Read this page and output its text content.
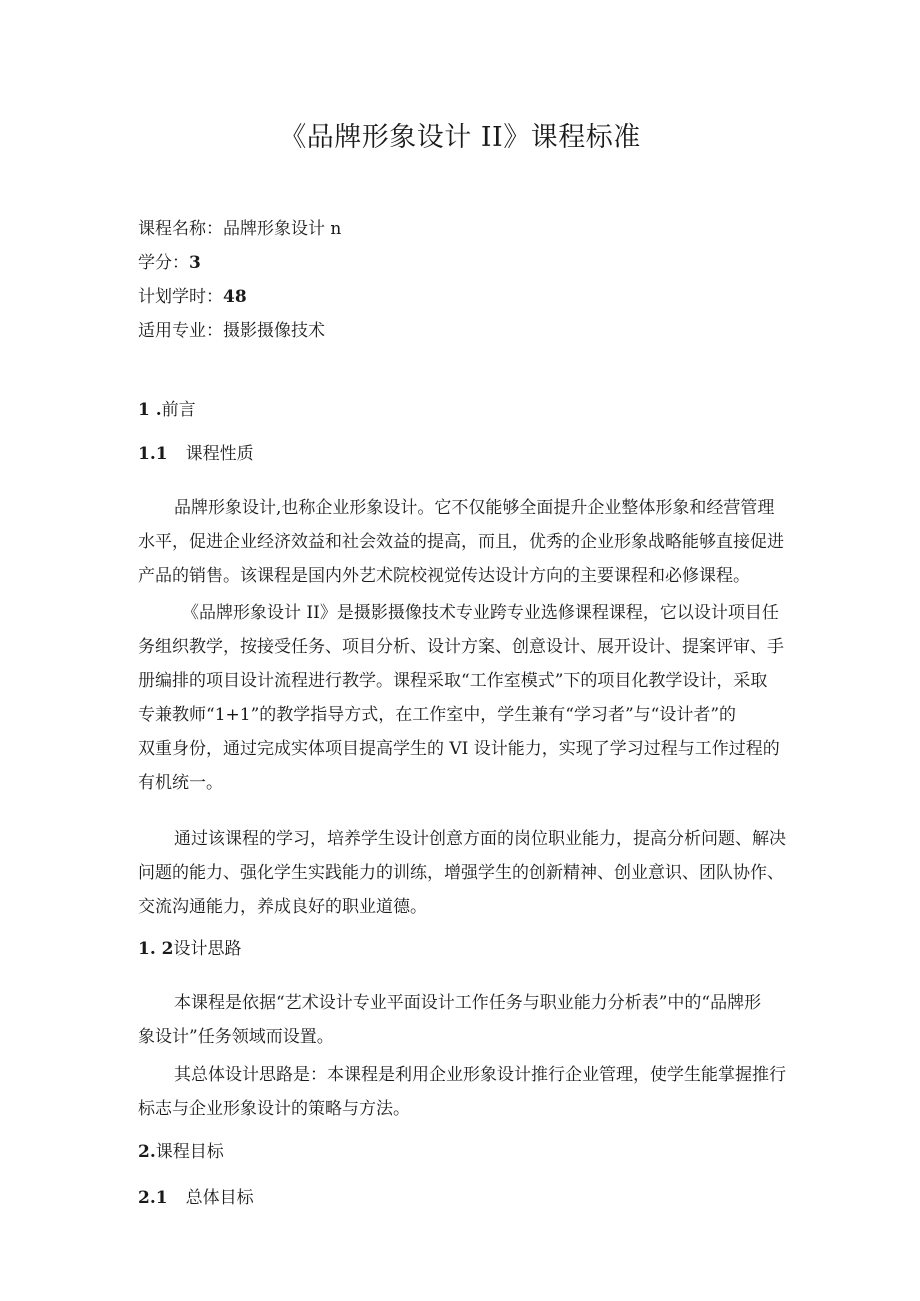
《品牌形象设计 II》课程标准
课程名称：品牌形象设计 n
学分：3
计划学时：48
适用专业：摄影摄像技术
1 .前言
1.1 课程性质
品牌形象设计,也称企业形象设计。它不仅能够全面提升企业整体形象和经营管理
水平，促进企业经济效益和社会效益的提高，而且，优秀的企业形象战略能够直接促进
产品的销售。该课程是国内外艺术院校视觉传达设计方向的主要课程和必修课程。
《品牌形象设计 II》是摄影摄像技术专业跨专业选修课程课程，它以设计项目任
务组织教学，按接受任务、项目分析、设计方案、创意设计、展开设计、提案评审、手
册编排的项目设计流程进行教学。课程采取“工作室模式”下的项目化教学设计，采取
专兼教师“1+1”的教学指导方式，在工作室中，学生兼有“学习者”与“设计者”的
双重身份，通过完成实体项目提高学生的 VI 设计能力，实现了学习过程与工作过程的
有机统一。
通过该课程的学习，培养学生设计创意方面的岗位职业能力，提高分析问题、解决
问题的能力、强化学生实践能力的训练，增强学生的创新精神、创业意识、团队协作、
交流沟通能力，养成良好的职业道德。
1. 2设计思路
本课程是依据“艺术设计专业平面设计工作任务与职业能力分析表”中的“品牌形
象设计”任务领域而设置。
其总体设计思路是：本课程是利用企业形象设计推行企业管理，使学生能掌握推行
标志与企业形象设计的策略与方法。
2.课程目标
2.1 总体目标
